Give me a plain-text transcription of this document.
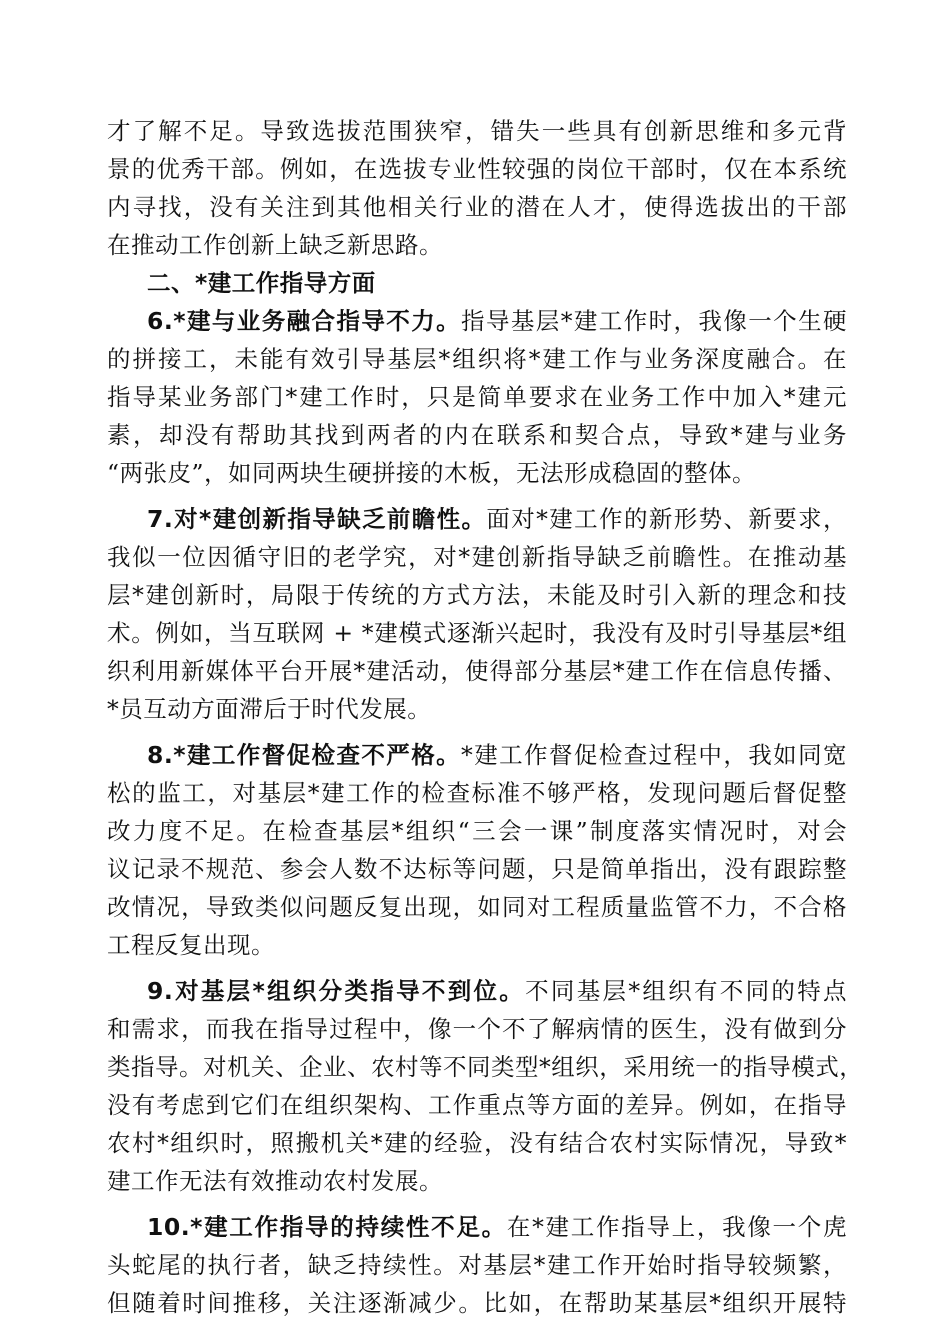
才了解不足。导致选拔范围狭窄，错失一些具有创新思维和多元背
景的优秀干部。例如，在选拔专业性较强的岗位干部时，仅在本系统
内寻找，没有关注到其他相关行业的潜在人才，使得选拔出的干部
在推动工作创新上缺乏新思路。
二、*建工作指导方面
6.*建与业务融合指导不力。指导基层*建工作时，我像一个生硬
的拼接工，未能有效引导基层*组织将*建工作与业务深度融合。在
指导某业务部门*建工作时，只是简单要求在业务工作中加入*建元
素，却没有帮助其找到两者的内在联系和契合点，导致*建与业务
“两张皮”，如同两块生硬拼接的木板，无法形成稳固的整体。
7.对*建创新指导缺乏前瞻性。面对*建工作的新形势、新要求，
我似一位因循守旧的老学究，对*建创新指导缺乏前瞻性。在推动基
层*建创新时，局限于传统的方式方法，未能及时引入新的理念和技
术。例如，当互联网 + *建模式逐渐兴起时，我没有及时引导基层*组
织利用新媒体平台开展*建活动，使得部分基层*建工作在信息传播、
*员互动方面滞后于时代发展。
8.*建工作督促检查不严格。*建工作督促检查过程中，我如同宽
松的监工，对基层*建工作的检查标准不够严格，发现问题后督促整
改力度不足。在检查基层*组织“三会一课”制度落实情况时，对会
议记录不规范、参会人数不达标等问题，只是简单指出，没有跟踪整
改情况，导致类似问题反复出现，如同对工程质量监管不力，不合格
工程反复出现。
9.对基层*组织分类指导不到位。不同基层*组织有不同的特点
和需求，而我在指导过程中，像一个不了解病情的医生，没有做到分
类指导。对机关、企业、农村等不同类型*组织，采用统一的指导模式，
没有考虑到它们在组织架构、工作重点等方面的差异。例如，在指导
农村*组织时，照搬机关*建的经验，没有结合农村实际情况，导致*
建工作无法有效推动农村发展。
10.*建工作指导的持续性不足。在*建工作指导上，我像一个虎
头蛇尾的执行者，缺乏持续性。对基层*建工作开始时指导较频繁，
但随着时间推移，关注逐渐减少。比如，在帮助某基层*组织开展特
